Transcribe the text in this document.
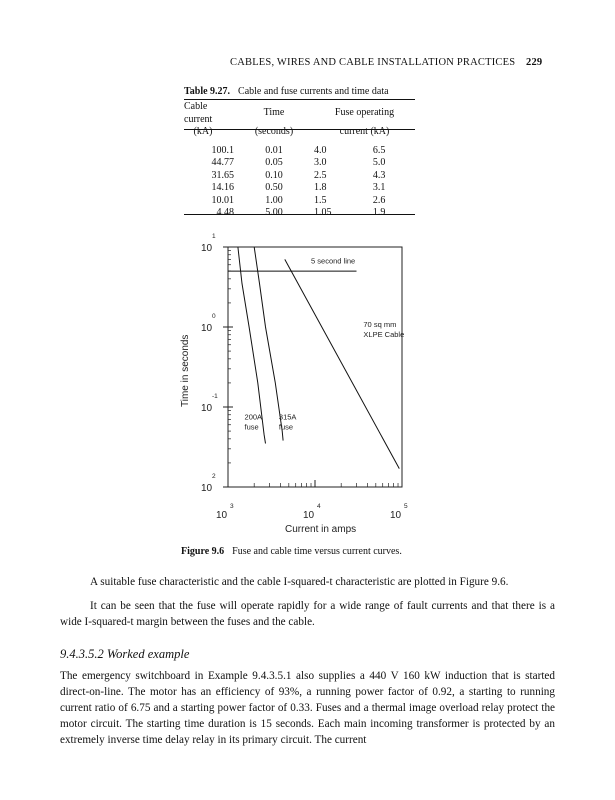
CABLES, WIRES AND CABLE INSTALLATION PRACTICES 229
Table 9.27. Cable and fuse currents and time data
Cable current	Time	Fuse operating	
(kA)	(seconds)	current (kA)	

100.1	0.01	4.0	6.5
44.77	0.05	3.0	5.0
31.65	0.10	2.5	4.3
14.16	0.50	1.8	3.1
10.01	1.00	1.5	2.6
4.48	5.00	1.05	1.9
10
1
10
0
10
-1
10
2
10
3
10
4
10
5
Current in amps
Time in seconds
5 second line
70 sq mm
XLPE Cable
200A
fuse
315A
fuse
Figure 9.6 Fuse and cable time versus current curves.

A suitable fuse characteristic and the cable I-squared-t characteristic are plotted in Figure 9.6.

It can be seen that the fuse will operate rapidly for a wide range of fault currents and that there is a wide I-squared-t margin between the fuses and the cable.

9.4.3.5.2 Worked example

The emergency switchboard in Example 9.4.3.5.1 also supplies a 440 V 160 kW induction that is started direct-on-line. The motor has an efficiency of 93%, a running power factor of 0.92, a starting to running current ratio of 6.75 and a starting power factor of 0.33. Fuses and a thermal image overload relay protect the motor circuit. The starting time duration is 15 seconds. Each main incoming transformer is protected by an extremely inverse time delay relay in its primary circuit. The current
